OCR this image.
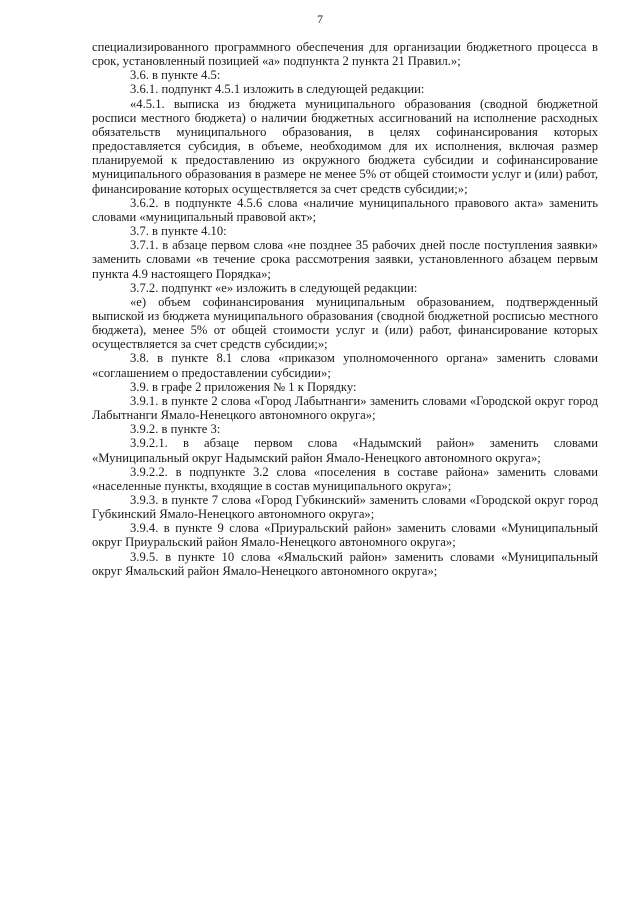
7

специализированного программного обеспечения для организации бюджетного процесса в срок, установленный позицией «а» подпункта 2 пункта 21 Правил.»;

3.6. в пункте 4.5:

3.6.1. подпункт 4.5.1 изложить в следующей редакции:

«4.5.1. выписка из бюджета муниципального образования (сводной бюджетной росписи местного бюджета) о наличии бюджетных ассигнований на исполнение расходных обязательств муниципального образования, в целях софинансирования которых предоставляется субсидия, в объеме, необходимом для их исполнения, включая размер планируемой к предоставлению из окружного бюджета субсидии и софинансирование муниципального образования в размере не менее 5% от общей стоимости услуг и (или) работ, финансирование которых осуществляется за счет средств субсидии;»;

3.6.2. в подпункте 4.5.6 слова «наличие муниципального правового акта» заменить словами «муниципальный правовой акт»;

3.7. в пункте 4.10:

3.7.1. в абзаце первом слова «не позднее 35 рабочих дней после поступления заявки» заменить словами «в течение срока рассмотрения заявки, установленного абзацем первым пункта 4.9 настоящего Порядка»;

3.7.2. подпункт «е» изложить в следующей редакции:

«е) объем софинансирования муниципальным образованием, подтвержденный выпиской из бюджета муниципального образования (сводной бюджетной росписью местного бюджета), менее 5% от общей стоимости услуг и (или) работ, финансирование которых осуществляется за счет средств субсидии;»;

3.8. в пункте 8.1 слова «приказом уполномоченного органа» заменить словами «соглашением о предоставлении субсидии»;

3.9. в графе 2 приложения № 1 к Порядку:

3.9.1. в пункте 2 слова «Город Лабытнанги» заменить словами «Городской округ город Лабытнанги Ямало-Ненецкого автономного округа»;

3.9.2. в пункте 3:

3.9.2.1. в абзаце первом слова «Надымский район» заменить словами «Муниципальный округ Надымский район Ямало-Ненецкого автономного округа»;

3.9.2.2. в подпункте 3.2 слова «поселения в составе района» заменить словами «населенные пункты, входящие в состав муниципального округа»;

3.9.3. в пункте 7 слова «Город Губкинский» заменить словами «Городской округ город Губкинский Ямало-Ненецкого автономного округа»;

3.9.4. в пункте 9 слова «Приуральский район» заменить словами «Муниципальный округ Приуральский район Ямало-Ненецкого автономного округа»;

3.9.5. в пункте 10 слова «Ямальский район» заменить словами «Муниципальный округ Ямальский район Ямало-Ненецкого автономного округа»;
